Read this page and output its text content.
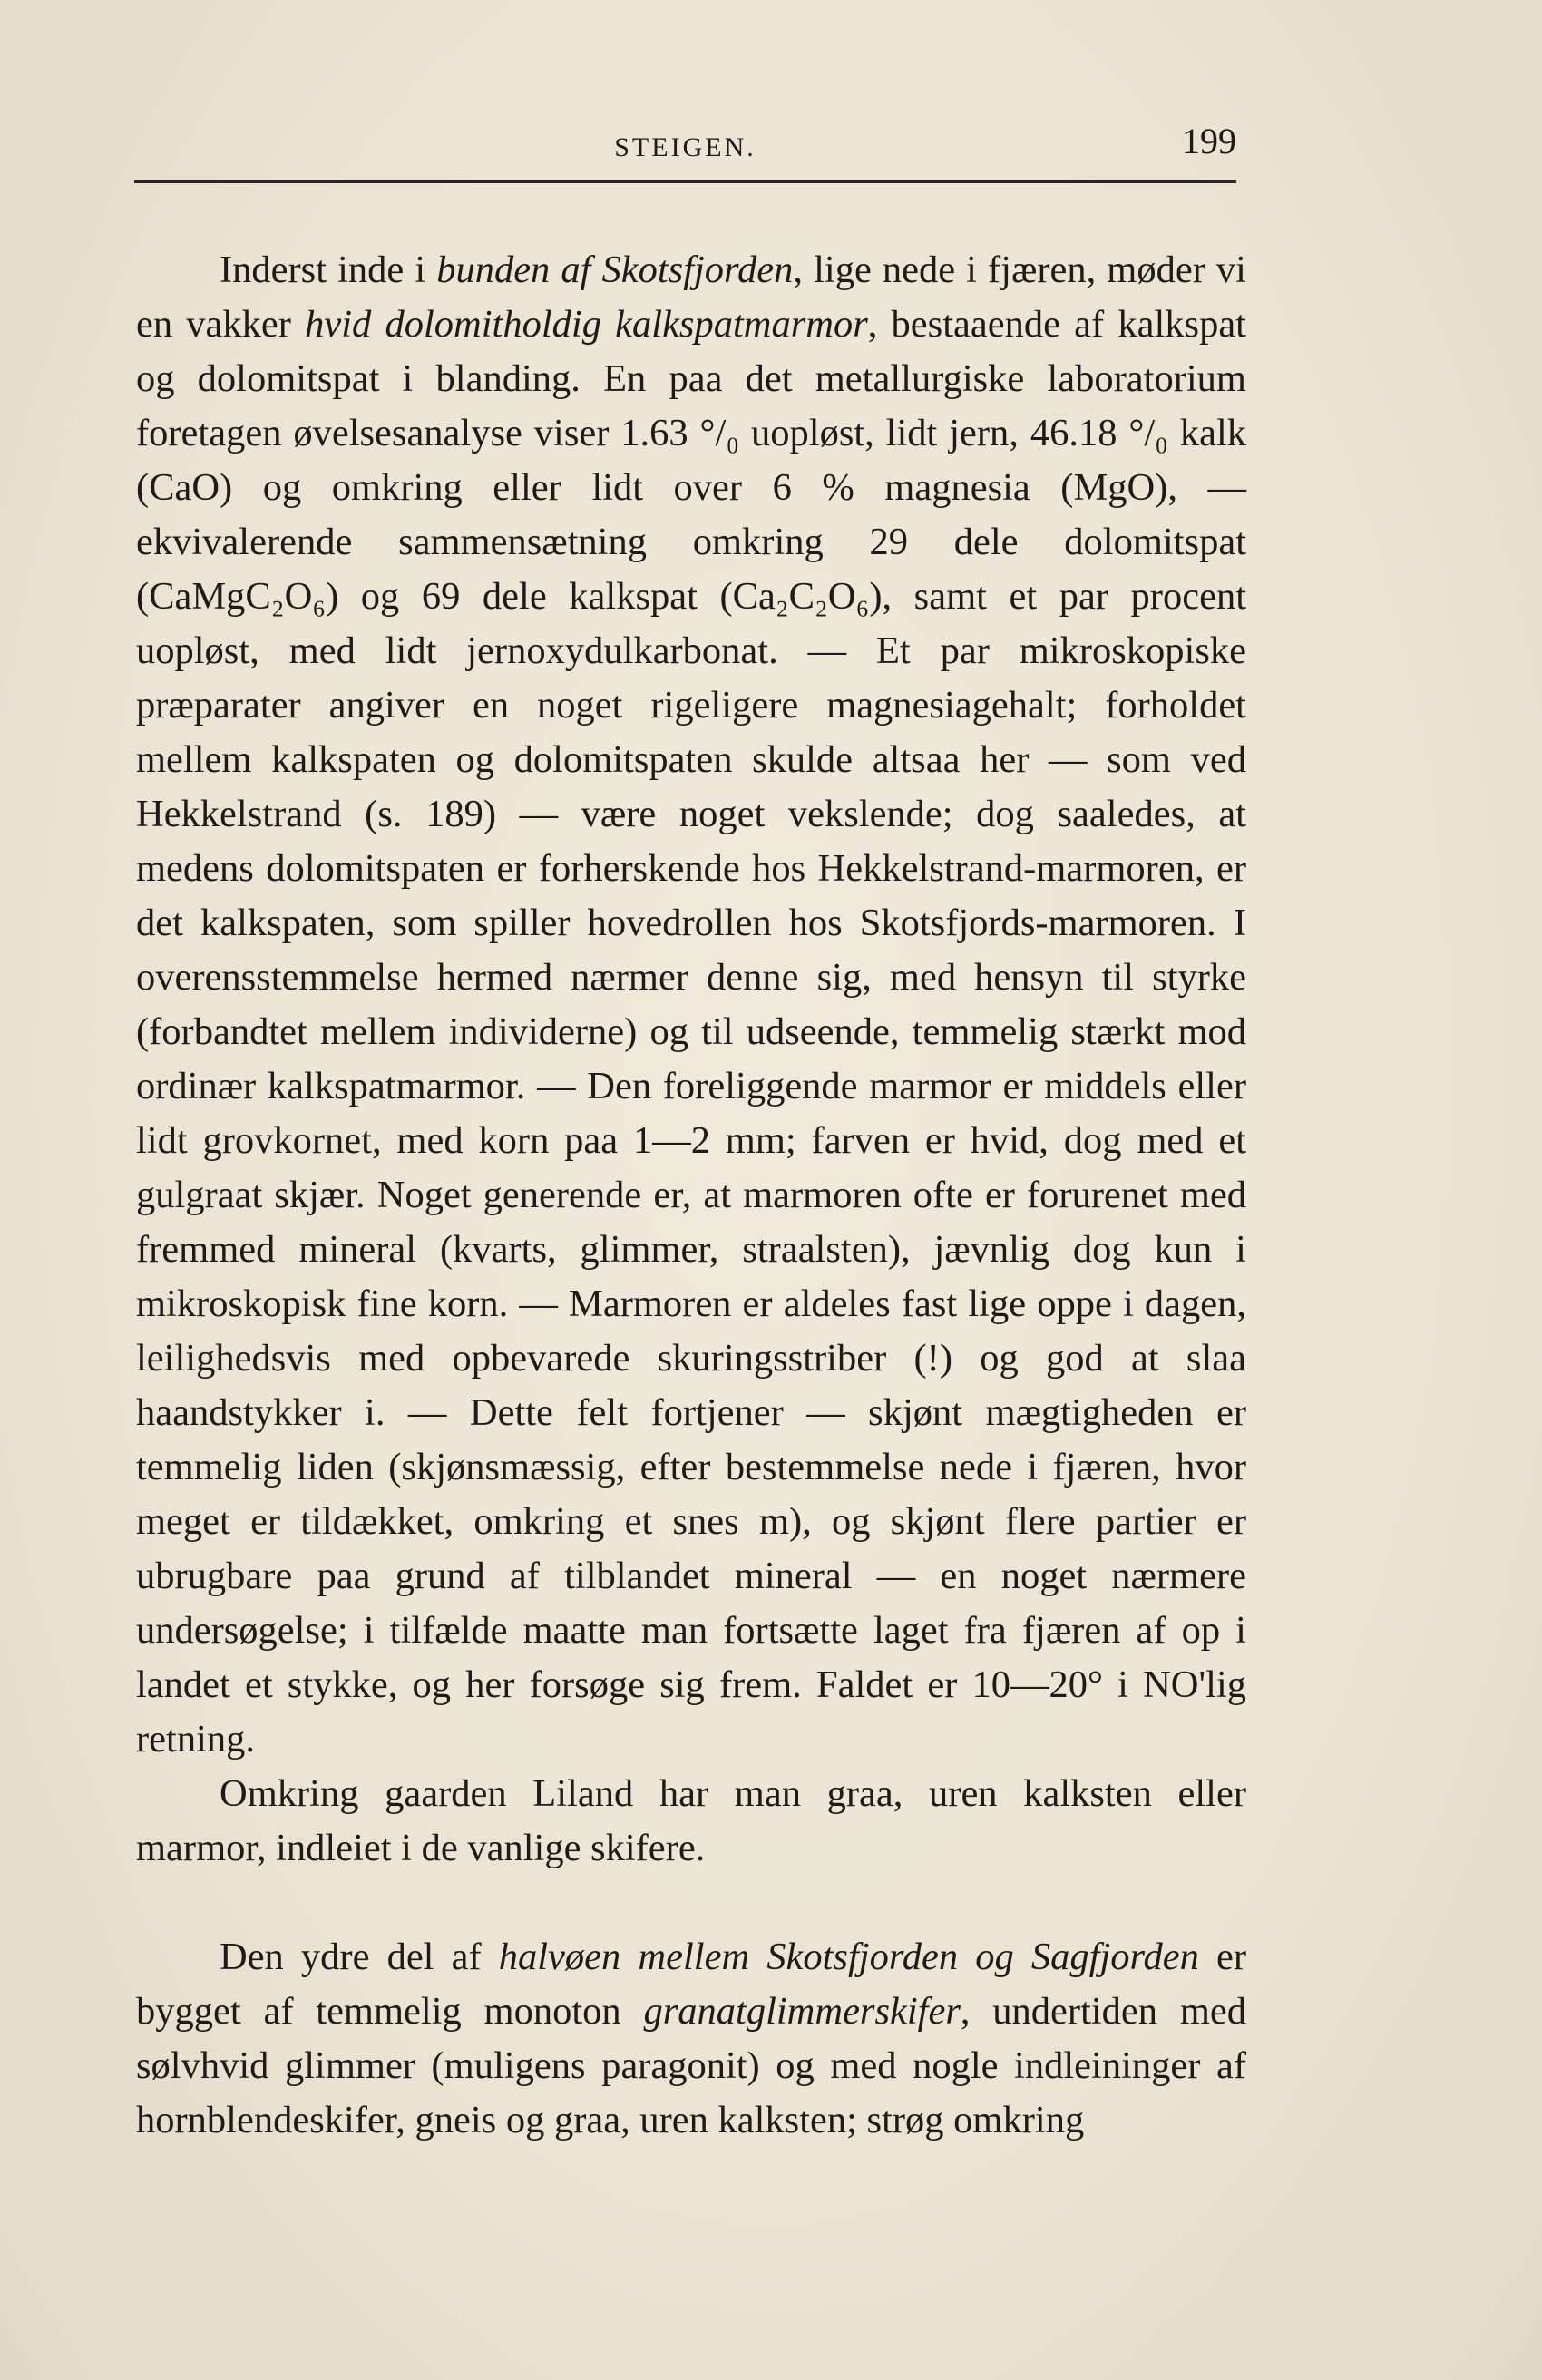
STEIGEN.	199

Inderst inde i bunden af Skotsfjorden, lige nede i fjæren, møder vi en vakker hvid dolomitholdig kalkspatmarmor, bestaaende af kalkspat og dolomitspat i blanding. En paa det metallurgiske laboratorium foretagen øvelsesanalyse viser 1.63 °/₀ uopløst, lidt jern, 46.18 °/₀ kalk (CaO) og omkring eller lidt over 6 % magnesia (MgO), — ekvivalerende sammensætning omkring 29 dele dolomitspat (CaMgC₂O₆) og 69 dele kalkspat (Ca₂C₂O₆), samt et par procent uopløst, med lidt jernoxydulkarbonat. — Et par mikroskopiske præparater angiver en noget rigeligere magnesiagehalt; forholdet mellem kalkspaten og dolomitspaten skulde altsaa her — som ved Hekkelstrand (s. 189) — være noget vekslende; dog saaledes, at medens dolomitspaten er forherskende hos Hekkelstrand-marmoren, er det kalkspaten, som spiller hovedrollen hos Skotsfjords-marmoren. I overensstemmelse hermed nærmer denne sig, med hensyn til styrke (forbandtet mellem individerne) og til udseende, temmelig stærkt mod ordinær kalkspatmarmor. — Den foreliggende marmor er middels eller lidt grovkornet, med korn paa 1—2 mm; farven er hvid, dog med et gulgraat skjær. Noget generende er, at marmoren ofte er forurenet med fremmed mineral (kvarts, glimmer, straalsten), jævnlig dog kun i mikroskopisk fine korn. — Marmoren er aldeles fast lige oppe i dagen, leilighedsvis med opbevarede skuringsstriber (!) og god at slaa haandstykker i. — Dette felt fortjener — skjønt mægtigheden er temmelig liden (skjønsmæssig, efter bestemmelse nede i fjæren, hvor meget er tildækket, omkring et snes m), og skjønt flere partier er ubrugbare paa grund af tilblandet mineral — en noget nærmere undersøgelse; i tilfælde maatte man fortsætte laget fra fjæren af op i landet et stykke, og her forsøge sig frem. Faldet er 10—20° i NO'lig retning.

Omkring gaarden Liland har man graa, uren kalksten eller marmor, indleiet i de vanlige skifere.

Den ydre del af halvøen mellem Skotsfjorden og Sagfjorden er bygget af temmelig monoton granatglimmerskifer, undertiden med sølvhvid glimmer (muligens paragonit) og med nogle indleininger af hornblendeskifer, gneis og graa, uren kalksten; strøg omkring
